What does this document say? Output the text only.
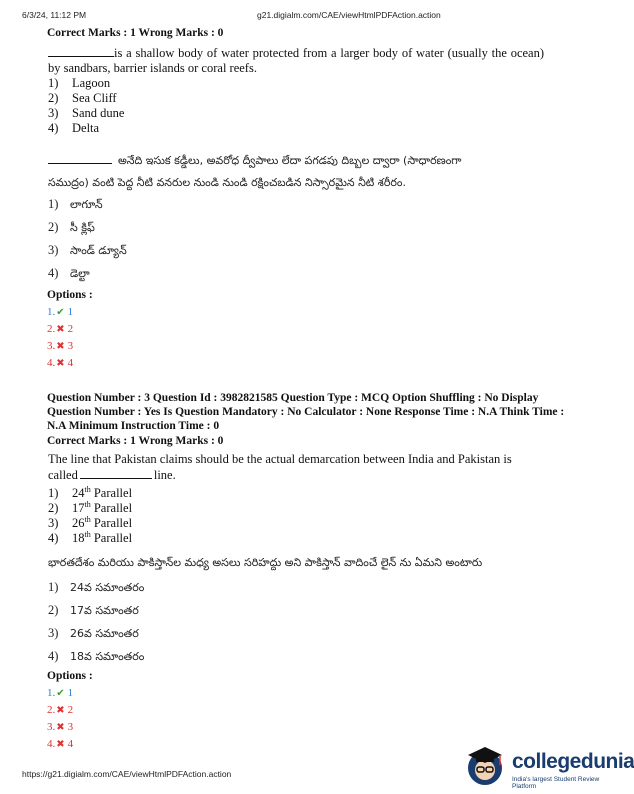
6/3/24, 11:12 PM	g21.digialm.com/CAE/viewHtmlPDFAction.action
Correct Marks : 1 Wrong Marks : 0
is a shallow body of water protected from a larger body of water (usually the ocean) by sandbars, barrier islands or coral reefs.
1) Lagoon
2) Sea Cliff
3) Sand dune
4) Delta
అనేది ఇసుక కడ్డీలు, అవరోధ ద్వీపాలు లేదా పగడపు దిబ్బల ద్వారా (సాధారణంగా
సముద్రం) వంటి పెద్ద నీటి వనరుల నుండి నుండి రక్షించబడిన నిస్సారమైన నీటి శరీరం.
1) లాగూన్
2) సీ క్లిఫ్
3) సాండ్ డ్యూన్
4) డెల్టా
Options :
1.✔ 1
2.✖ 2
3.✖ 3
4.✖ 4
Question Number : 3 Question Id : 3982821585 Question Type : MCQ Option Shuffling : No Display
Question Number : Yes Is Question Mandatory : No Calculator : None Response Time : N.A Think Time :
N.A Minimum Instruction Time : 0
Correct Marks : 1 Wrong Marks : 0
The line that Pakistan claims should be the actual demarcation between India and Pakistan is
called	line.
1) 24th Parallel
2) 17th Parallel
3) 26th Parallel
4) 18th Parallel
భారతదేశం మరియు పాకిస్తాన్‌ల మధ్య అసలు సరిహద్దు అని పాకిస్తాన్ వాదించే లైన్ ను ఏమని అంటారు
1) 24వ సమాంతరం
2) 17వ సమాంతర
3) 26వ సమాంతర
4) 18వ సమాంతరం
Options :
1.✔ 1
2.✖ 2
3.✖ 3
4.✖ 4
https://g21.digialm.com/CAE/viewHtmlPDFAction.action
collegedunia
India's largest Student Review Platform
